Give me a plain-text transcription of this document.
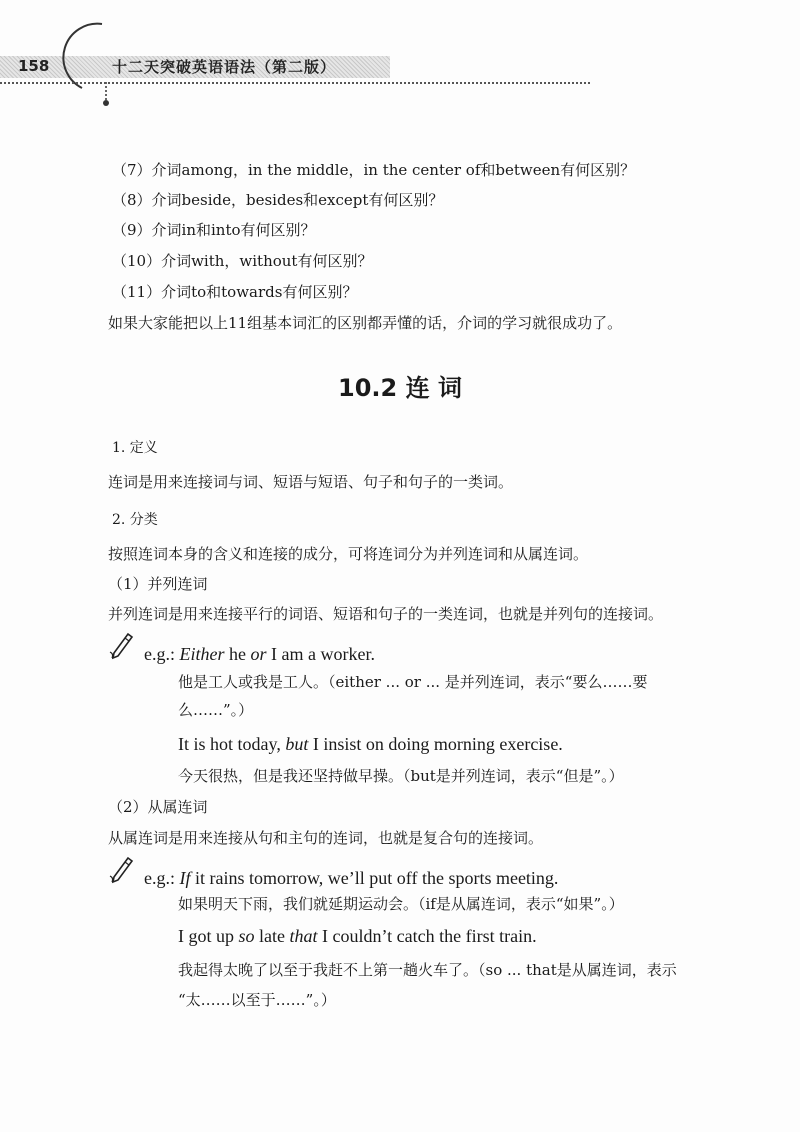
158	十二天突破英语语法（第二版）
（7）介词among，in the middle，in the center of和between有何区别？
（8）介词beside，besides和except有何区别？
（9）介词in和into有何区别？
（10）介词with，without有何区别？
（11）介词to和towards有何区别？
如果大家能把以上11组基本词汇的区别都弄懂的话，介词的学习就很成功了。
10.2 连 词
1. 定义
连词是用来连接词与词、短语与短语、句子和句子的一类词。
2. 分类
按照连词本身的含义和连接的成分，可将连词分为并列连词和从属连词。
（1）并列连词
并列连词是用来连接平行的词语、短语和句子的一类连词，也就是并列句的连接词。
e.g.: Either he or I am a worker.
他是工人或我是工人。（either ... or ... 是并列连词，表示“要么……要
么……”。）
It is hot today, but I insist on doing morning exercise.
今天很热，但是我还坚持做早操。（but是并列连词，表示“但是”。）
（2）从属连词
从属连词是用来连接从句和主句的连词，也就是复合句的连接词。
e.g.: If it rains tomorrow, we’ll put off the sports meeting.
如果明天下雨，我们就延期运动会。（if是从属连词，表示“如果”。）
I got up so late that I couldn’t catch the first train.
我起得太晚了以至于我赶不上第一趟火车了。（so ... that是从属连词，表示
“太……以至于……”。）
